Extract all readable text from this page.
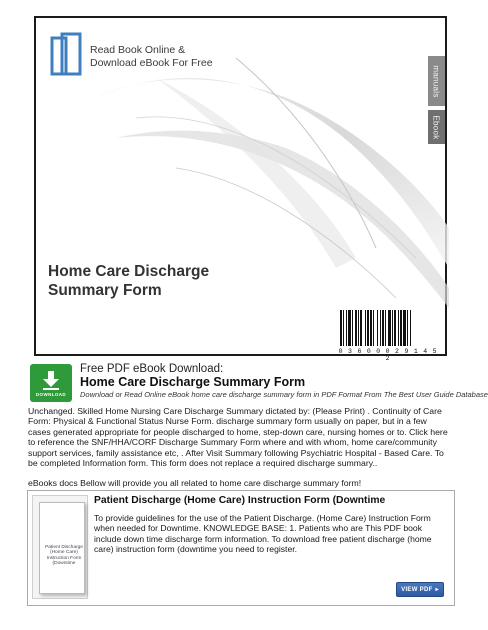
Read Book Online &
Download eBook For Free
manuals
Ebook
Home Care Discharge
Summary Form
0 3 6 0 0 0 2 9 1 4 5 2
DOWNLOAD
Free PDF eBook Download:
Home Care Discharge Summary Form
Download or Read Online eBook home care discharge summary form in PDF Format From The Best User Guide Database

Unchanged. Skilled Home Nursing Care Discharge Summary dictated by: (Please Print) . Continuity of Care Form: Physical & Functional Status Nurse Form. discharge summary form usually on paper, but in a few cases generated appropriate for people discharged to home, step-down care, nursing homes or to. Click here to reference the SNF/HHA/CORF Discharge Summary Form where and with whom, home care/community support services, family assistance etc, . After Visit Summary following Psychiatric Hospital - Based Care. To be completed Information form. This form does not replace a required discharge summary..

eBooks docs Bellow will provide you all related to home care discharge summary form!

Patient Discharge (Home Care) Instruction Form (Downtime
Patient Discharge (Home Care) Instruction Form (Downtime
To provide guidelines for the use of the Patient Discharge. (Home Care) Instruction Form when needed for Downtime. KNOWLEDGE BASE: 1. Patients who are This PDF book include down time discharge form information. To download free patient discharge (home care) instruction form (downtime you need to register.
VIEW PDF ▸
